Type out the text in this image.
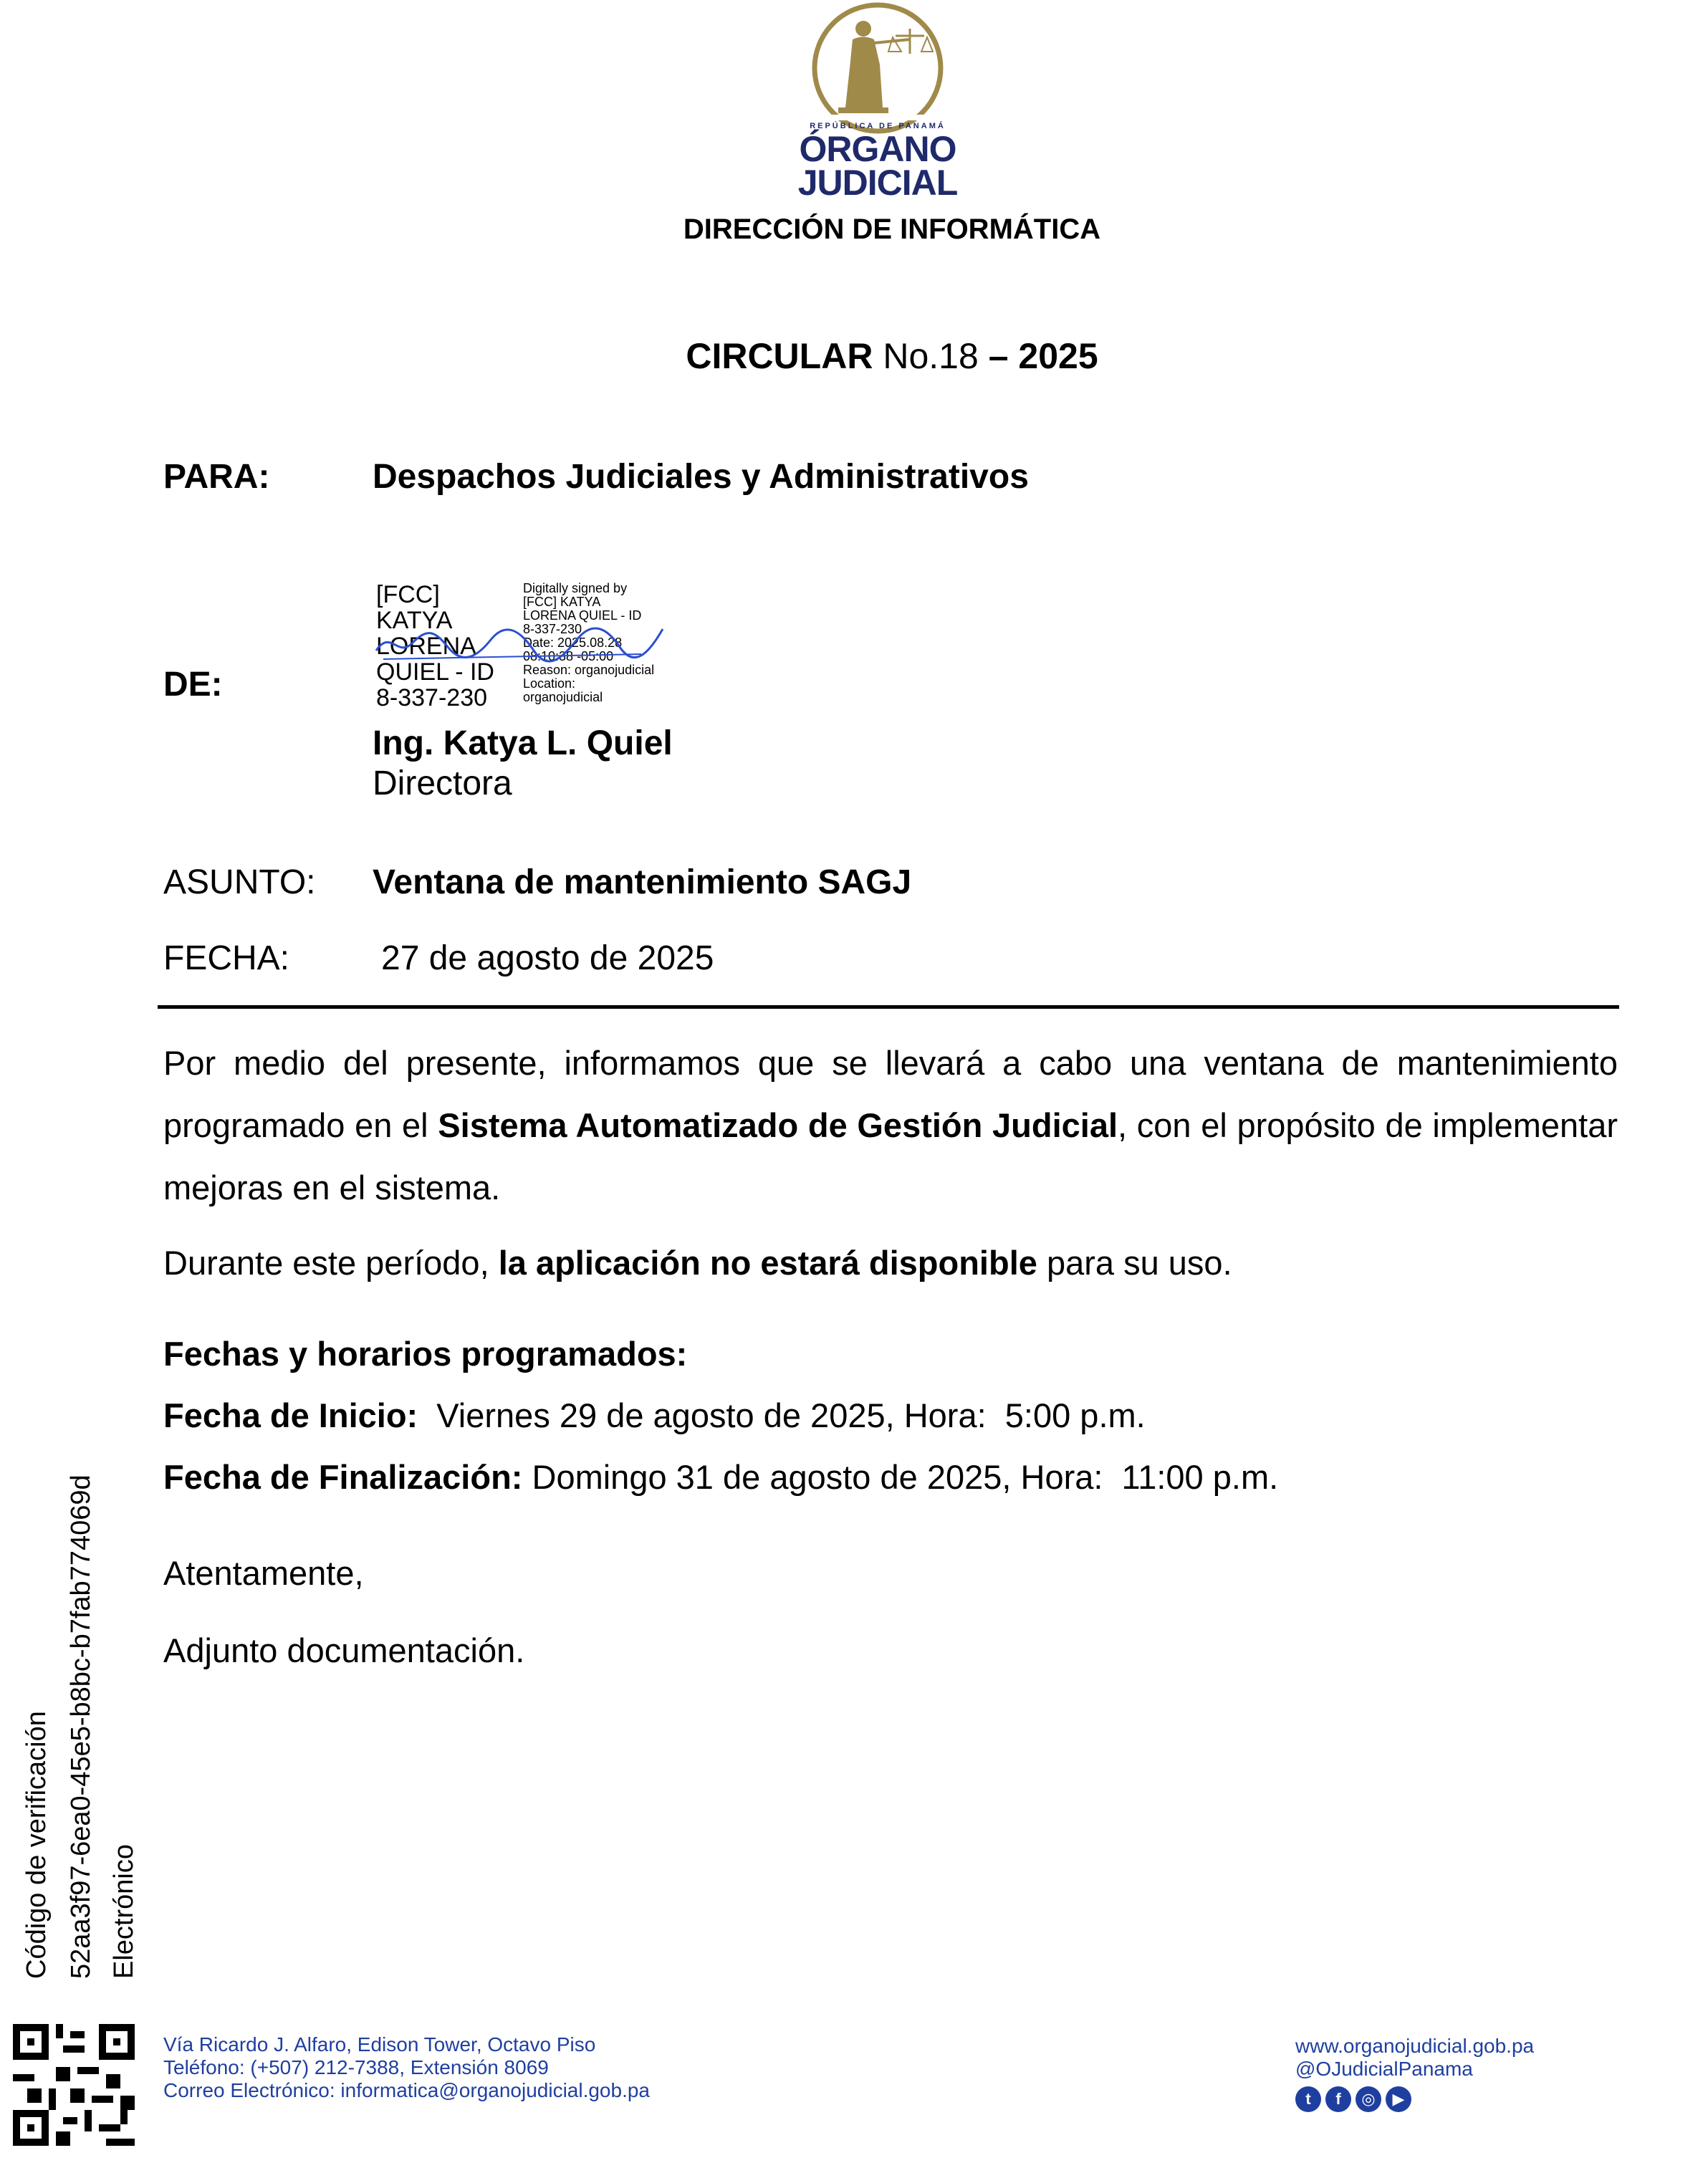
REPÚBLICA DE PANAMÁ
ÓRGANO
JUDICIAL
DIRECCIÓN DE INFORMÁTICA
CIRCULAR No.18 – 2025
PARA:	Despachos Judiciales y Administrativos
DE:
[FCC]
KATYA
LORENA
QUIEL - ID
8-337-230
Digitally signed by
[FCC] KATYA
LORENA QUIEL - ID
8-337-230
Date: 2025.08.28
08:10:38 -05:00
Reason: organojudicial
Location:
organojudicial
Ing. Katya L. Quiel
Directora
ASUNTO: Ventana de mantenimiento SAGJ
FECHA:	27 de agosto de 2025
Por medio del presente, informamos que se llevará a cabo una ventana de mantenimiento programado en el Sistema Automatizado de Gestión Judicial, con el propósito de implementar mejoras en el sistema.
Durante este período, la aplicación no estará disponible para su uso.
Fechas y horarios programados:
Fecha de Inicio:  Viernes 29 de agosto de 2025, Hora:  5:00 p.m.
Fecha de Finalización: Domingo 31 de agosto de 2025, Hora:  11:00 p.m.
Atentamente,
Adjunto documentación.
Código de verificación 52aa3f97-6ea0-45e5-b8bc-b7fab774069d Electrónico
Vía Ricardo J. Alfaro, Edison Tower, Octavo Piso
Teléfono: (+507) 212-7388, Extensión 8069
Correo Electrónico: informatica@organojudicial.gob.pa
www.organojudicial.gob.pa
@OJudicialPanama
t f ◎ ▶
